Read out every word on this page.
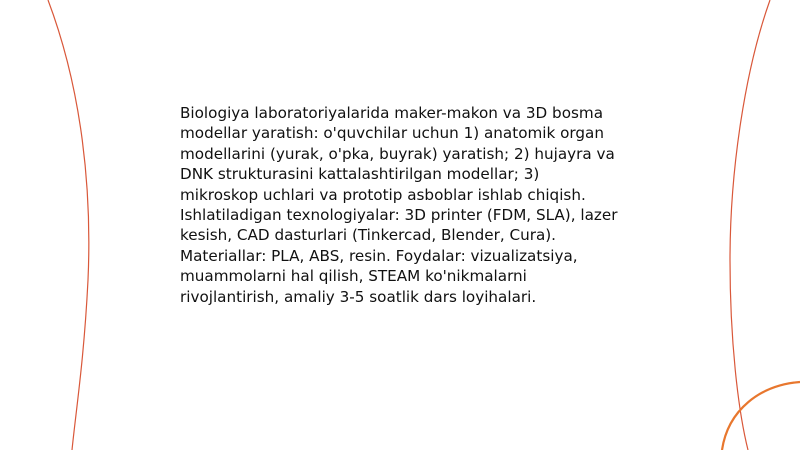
Biologiya laboratoriyalarida maker-makon va 3D bosma modellar yaratish: o'quvchilar uchun 1) anatomik organ modellarini (yurak, o'pka, buyrak) yaratish; 2) hujayra va DNK strukturasini kattalashtirilgan modellar; 3) mikroskop uchlari va prototip asboblar ishlab chiqish. Ishlatiladigan texnologiyalar: 3D printer (FDM, SLA), lazer kesish, CAD dasturlari (Tinkercad, Blender, Cura). Materiallar: PLA, ABS, resin. Foydalar: vizualizatsiya, muammolarni hal qilish, STEAM ko'nikmalarni rivojlantirish, amaliy 3-5 soatlik dars loyihalari.
